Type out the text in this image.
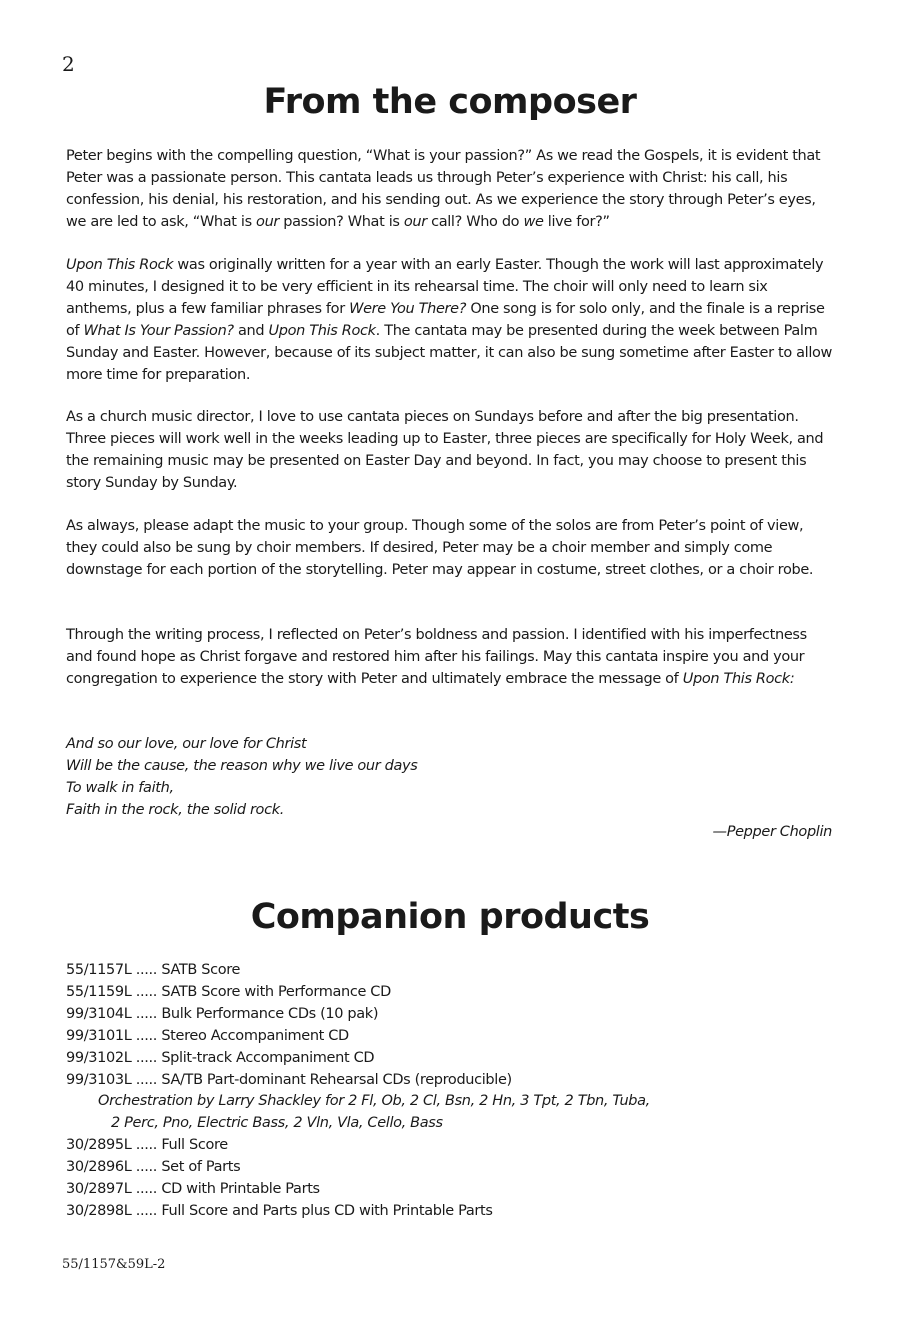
2
From the composer

Peter begins with the compelling question, “What is your passion?” As we read the Gospels, it is evident that Peter was a passionate person. This cantata leads us through Peter’s experience with Christ: his call, his confession, his denial, his restoration, and his sending out. As we experience the story through Peter’s eyes, we are led to ask, “What is our passion? What is our call? Who do we live for?”

Upon This Rock was originally written for a year with an early Easter. Though the work will last approximately 40 minutes, I designed it to be very efficient in its rehearsal time. The choir will only need to learn six anthems, plus a few familiar phrases for Were You There? One song is for solo only, and the finale is a reprise of What Is Your Passion? and Upon This Rock. The cantata may be presented during the week between Palm Sunday and Easter. However, because of its subject matter, it can also be sung sometime after Easter to allow more time for preparation.

As a church music director, I love to use cantata pieces on Sundays before and after the big presentation. Three pieces will work well in the weeks leading up to Easter, three pieces are specifically for Holy Week, and the remaining music may be presented on Easter Day and beyond. In fact, you may choose to present this story Sunday by Sunday.

As always, please adapt the music to your group. Though some of the solos are from Peter’s point of view, they could also be sung by choir members. If desired, Peter may be a choir member and simply come downstage for each portion of the storytelling. Peter may appear in costume, street clothes, or a choir robe.

Through the writing process, I reflected on Peter’s boldness and passion. I identified with his imperfectness and found hope as Christ forgave and restored him after his failings. May this cantata inspire you and your congregation to experience the story with Peter and ultimately embrace the message of Upon This Rock:

And so our love, our love for Christ
Will be the cause, the reason why we live our days
To walk in faith,
Faith in the rock, the solid rock.
—Pepper Choplin
Companion products
55/1157L ..... SATB Score
55/1159L ..... SATB Score with Performance CD
99/3104L ..... Bulk Performance CDs (10 pak)
99/3101L ..... Stereo Accompaniment CD
99/3102L ..... Split-track Accompaniment CD
99/3103L ..... SA/TB Part-dominant Rehearsal CDs (reproducible)
Orchestration by Larry Shackley for 2 Fl, Ob, 2 Cl, Bsn, 2 Hn, 3 Tpt, 2 Tbn, Tuba,
2 Perc, Pno, Electric Bass, 2 Vln, Vla, Cello, Bass
30/2895L ..... Full Score
30/2896L ..... Set of Parts
30/2897L ..... CD with Printable Parts
30/2898L ..... Full Score and Parts plus CD with Printable Parts
55/1157&59L-2
